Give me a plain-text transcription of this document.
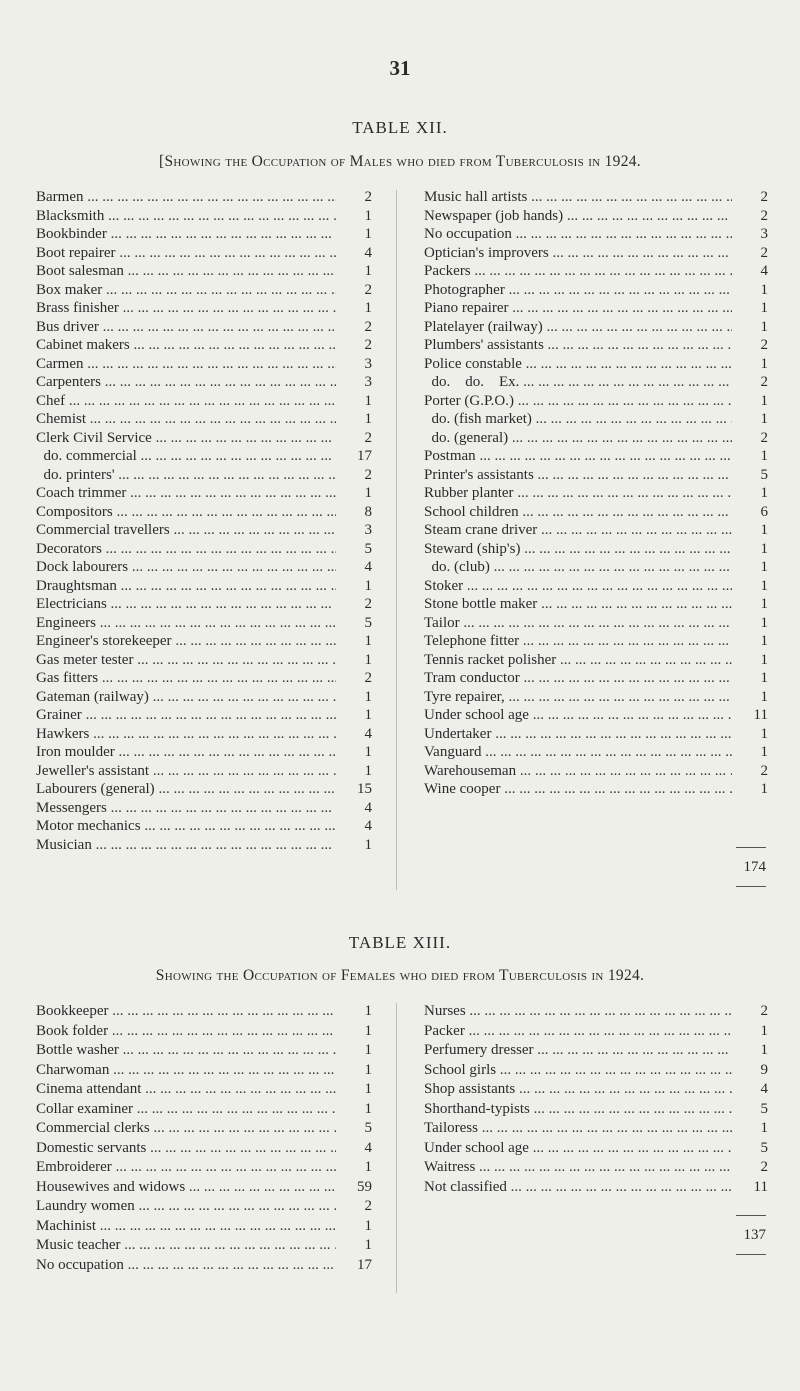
31
TABLE XII.
[Showing the Occupation of Males who died from Tuberculosis in 1924.
Barmen ... .	2
Blacksmith ... .	1
Bookbinder ... .	1
Boot repairer ... .	4
Boot salesman ... .	1
Box maker ... .	2
Brass finisher ... .	1
Bus driver ... .	2
Cabinet makers ... .	2
Carmen ... .	3
Carpenters ... .	3
Chef ... .	1
Chemist ... .	1
Clerk Civil Service ... .	2
do. commercial ... .	17
do. printers' ... .	2
Coach trimmer ... .	1
Compositors ... .	8
Commercial travellers ... .	3
Decorators ... .	5
Dock labourers ... .	4
Draughtsman ... .	1
Electricians ... .	2
Engineers ... .	5
Engineer's storekeeper ... .	1
Gas meter tester ... .	1
Gas fitters ... .	2
Gateman (railway) ... .	1
Grainer ... .	1
Hawkers ... .	4
Iron moulder ... .	1
Jeweller's assistant ... .	1
Labourers (general) ... .	15
Messengers ... .	4
Motor mechanics ... .	4
Musician ... .	1
Music hall artists ... .	2
Newspaper (job hands) ... .	2
No occupation ... .	3
Optician's improvers ... .	2
Packers ... .	4
Photographer ... .	1
Piano repairer ... .	1
Platelayer (railway) ... .	1
Plumbers' assistants ... .	2
Police constable ... .	1
do.    do.    Ex. ... .	2
Porter (G.P.O.) ... .	1
do. (fish market) ... .	1
do. (general) ... .	2
Postman ... .	1
Printer's assistants ... .	5
Rubber planter ... .	1
School children ... .	6
Steam crane driver ... .	1
Steward (ship's) ... .	1
do. (club) ... .	1
Stoker ... .	1
Stone bottle maker ... .	1
Tailor ... .	1
Telephone fitter ... .	1
Tennis racket polisher ... .	1
Tram conductor ... .	1
Tyre repairer, ... .	1
Under school age ... .	11
Undertaker ... .	1
Vanguard ... .	1
Warehouseman ... .	2
Wine cooper ... .	1
174
TABLE XIII.
Showing the Occupation of Females who died from Tuberculosis in 1924.
Bookkeeper ... .	1
Book folder ... .	1
Bottle washer ... .	1
Charwoman ... .	1
Cinema attendant ... .	1
Collar examiner ... .	1
Commercial clerks ... .	5
Domestic servants ... .	4
Embroiderer ... .	1
Housewives and widows ... .	59
Laundry women ... .	2
Machinist ... .	1
Music teacher ... .	1
No occupation ... .	17
Nurses ... .	2
Packer ... .	1
Perfumery dresser ... .	1
School girls ... .	9
Shop assistants ... .	4
Shorthand-typists ... .	5
Tailoress ... .	1
Under school age ... .	5
Waitress ... .	2
Not classified ... .	11
137
